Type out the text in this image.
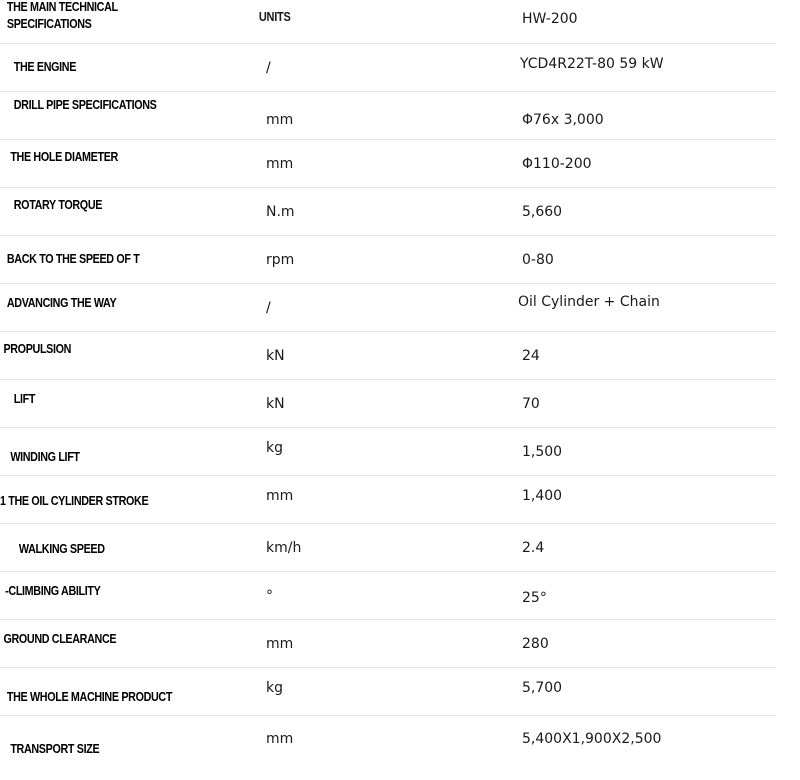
THE MAIN TECHNICAL
SPECIFICATIONS	UNITS	HW-200

THE ENGINE	/	YCD4R22T-80 59 kW

DRILL PIPE SPECIFICATIONS	mm	Φ76x 3,000

THE HOLE DIAMETER	mm	Φ110-200

ROTARY TORQUE	N.m	5,660

BACK TO THE SPEED OF T	rpm	0-80

ADVANCING THE WAY	/	Oil Cylinder + Chain

PROPULSION	kN	24

LIFT	kN	70

WINDING LIFT	kg	1,500

1 THE OIL CYLINDER STROKE	mm	1,400

WALKING SPEED	km/h	2.4

-CLIMBING ABILITY	°	25°

GROUND CLEARANCE	mm	280

THE WHOLE MACHINE PRODUCT	kg	5,700

TRANSPORT SIZE	mm	5,400X1,900X2,500
